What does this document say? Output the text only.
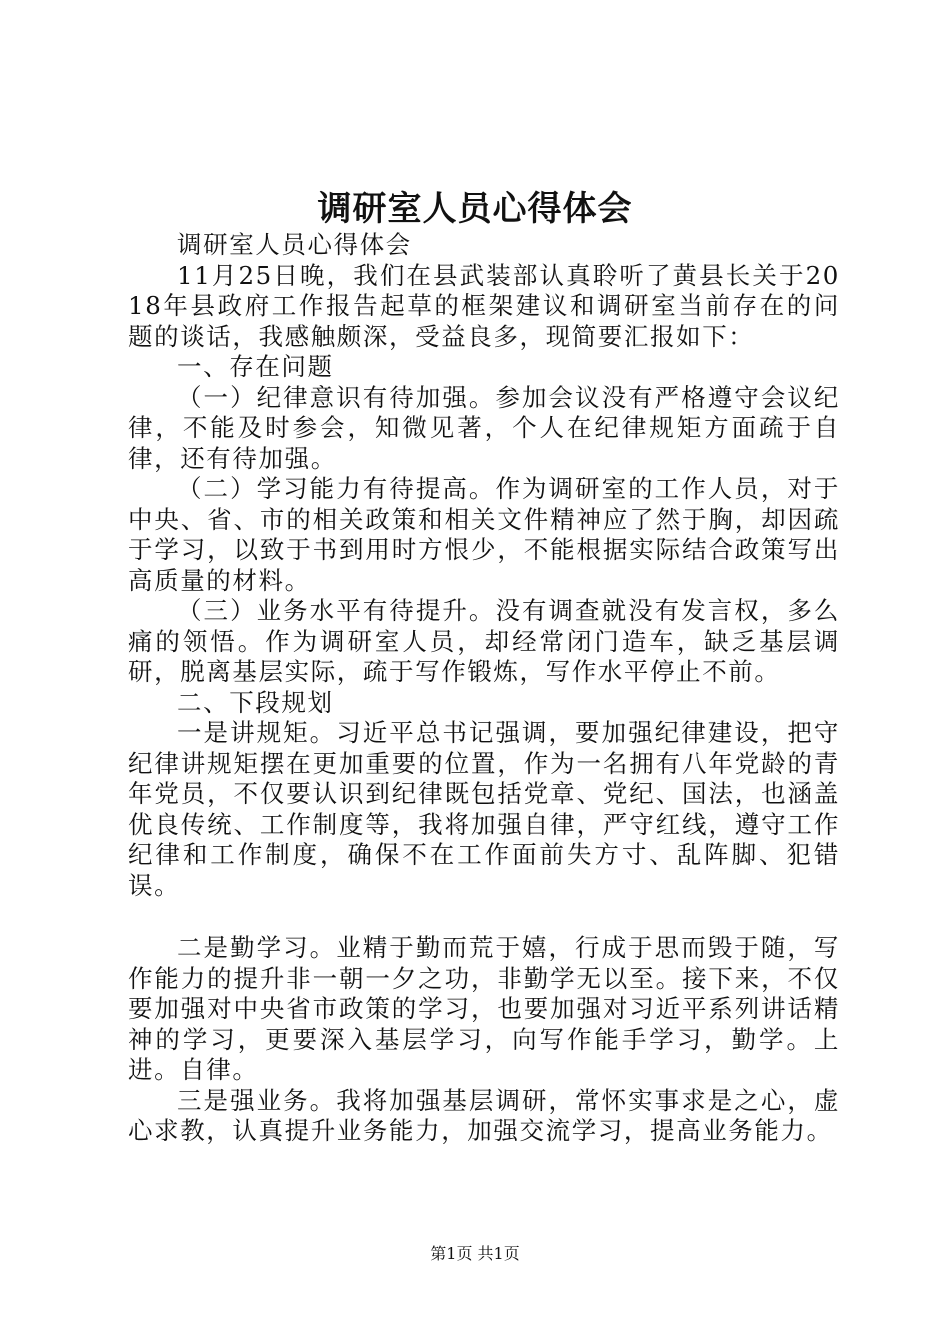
调研室人员心得体会

调研室人员心得体会

11月25日晚，我们在县武装部认真聆听了黄县长关于2018年县政府工作报告起草的框架建议和调研室当前存在的问题的谈话，我感触颇深，受益良多，现简要汇报如下：

一、存在问题

（一）纪律意识有待加强。参加会议没有严格遵守会议纪律，不能及时参会，知微见著，个人在纪律规矩方面疏于自律，还有待加强。

（二）学习能力有待提高。作为调研室的工作人员，对于中央、省、市的相关政策和相关文件精神应了然于胸，却因疏于学习，以致于书到用时方恨少，不能根据实际结合政策写出高质量的材料。

（三）业务水平有待提升。没有调查就没有发言权，多么痛的领悟。作为调研室人员，却经常闭门造车，缺乏基层调研，脱离基层实际，疏于写作锻炼，写作水平停止不前。

二、下段规划

一是讲规矩。习近平总书记强调，要加强纪律建设，把守纪律讲规矩摆在更加重要的位置，作为一名拥有八年党龄的青年党员，不仅要认识到纪律既包括党章、党纪、国法，也涵盖优良传统、工作制度等，我将加强自律，严守红线，遵守工作纪律和工作制度，确保不在工作面前失方寸、乱阵脚、犯错误。

二是勤学习。业精于勤而荒于嬉，行成于思而毁于随，写作能力的提升非一朝一夕之功，非勤学无以至。接下来，不仅要加强对中央省市政策的学习，也要加强对习近平系列讲话精神的学习，更要深入基层学习，向写作能手学习，勤学。上进。自律。

三是强业务。我将加强基层调研，常怀实事求是之心，虚心求教，认真提升业务能力，加强交流学习，提高业务能力。

第1页 共1页
